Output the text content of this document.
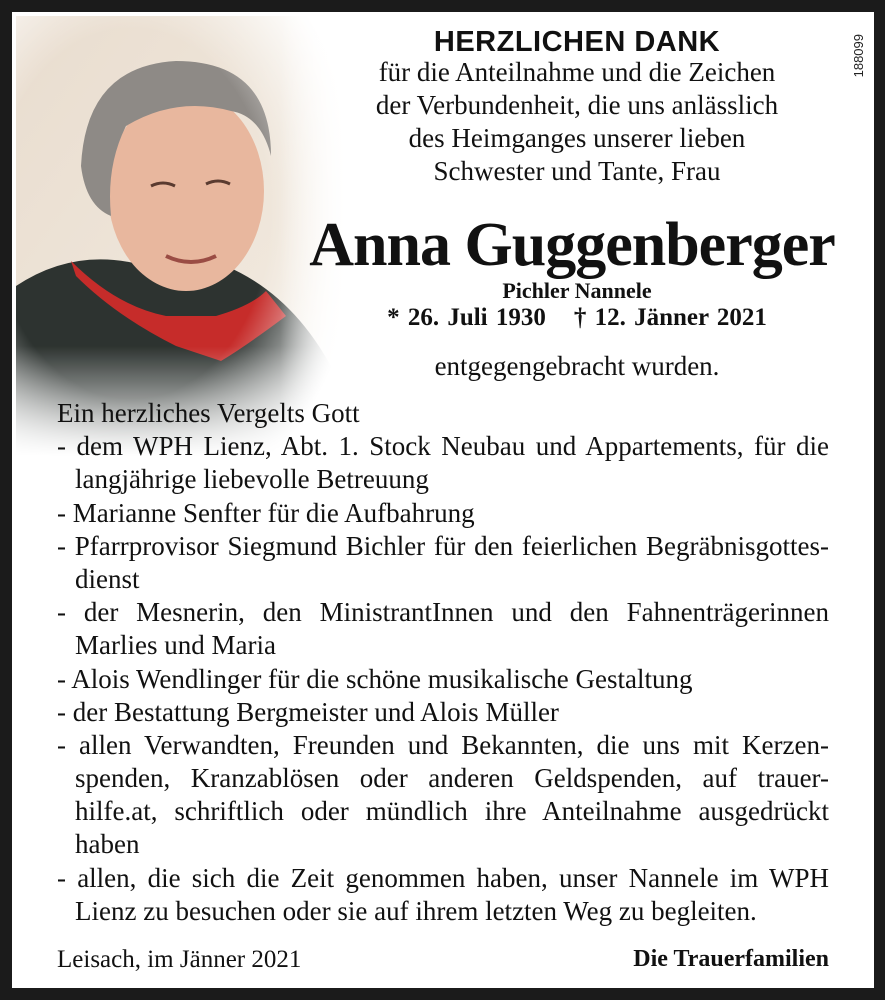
188099
HERZLICHEN DANK
für die Anteilnahme und die Zeichen
der Verbundenheit, die uns anlässlich
des Heimganges unserer lieben
Schwester und Tante, Frau
Anna Guggenberger
Pichler Nannele
* 26. Juli 1930 † 12. Jänner 2021
entgegengebracht wurden.
Ein herzliches Vergelts Gott
- dem WPH Lienz, Abt. 1. Stock Neubau und Appartements, für die
langjährige liebevolle Betreuung
- Marianne Senfter für die Aufbahrung
- Pfarrprovisor Siegmund Bichler für den feierlichen Begräbnisgottes-
dienst
- der Mesnerin, den MinistrantInnen und den Fahnenträgerinnen
Marlies und Maria
- Alois Wendlinger für die schöne musikalische Gestaltung
- der Bestattung Bergmeister und Alois Müller
- allen Verwandten, Freunden und Bekannten, die uns mit Kerzen-
spenden, Kranzablösen oder anderen Geldspenden, auf trauer-
hilfe.at, schriftlich oder mündlich ihre Anteilnahme ausgedrückt
haben
- allen, die sich die Zeit genommen haben, unser Nannele im WPH
Lienz zu besuchen oder sie auf ihrem letzten Weg zu begleiten.
Leisach, im Jänner 2021	Die Trauerfamilien
